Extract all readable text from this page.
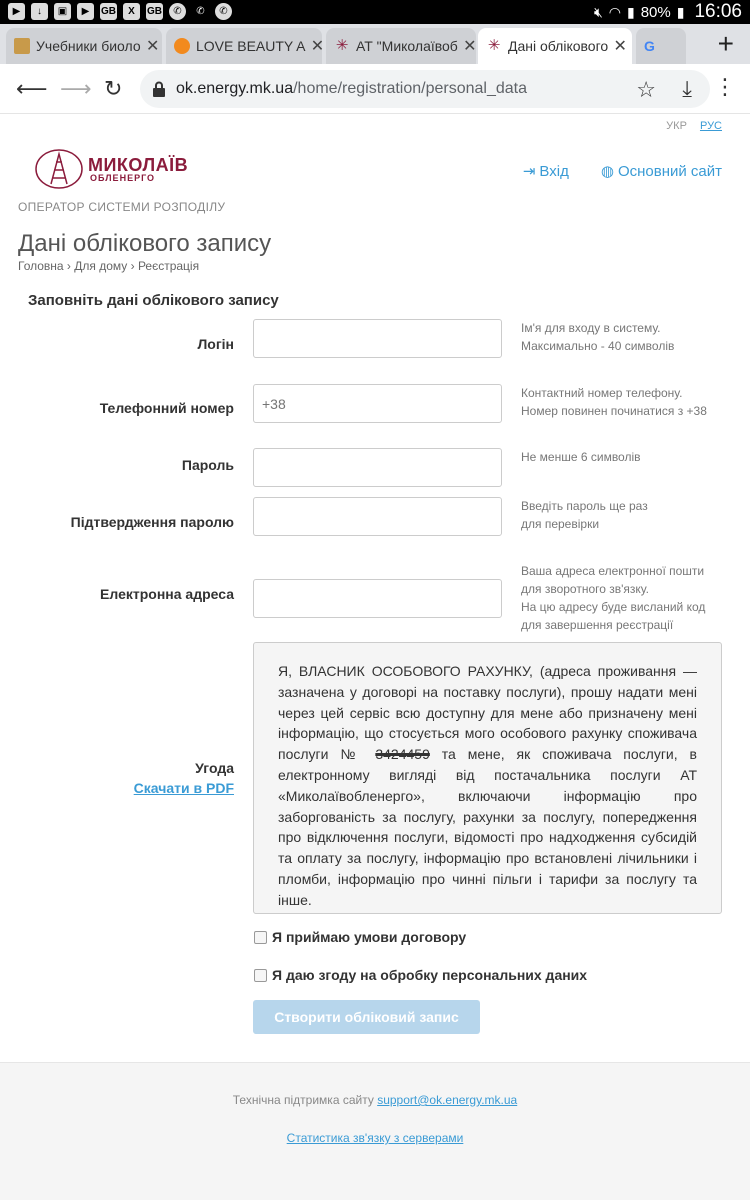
▶	↓	▣	▶	GB	X	GB	✆	✆	✆	🔇︎ ◠ ▮ 80% ▮ 16:06
Учебники биоло ✕	LOVE BEAUTY A ✕ ✳ АТ "Миколаївоб ✕ ✳ Дані облікового ✕ G +
⟵ ⟶ ↻	ok.energy.mk.ua /home/registration/personal_data	☆ ⤓ ⋮
УКР РУС
МИКОЛАЇВ
ОБЛЕНЕРГО
ОПЕРАТОР СИСТЕМИ РОЗПОДІЛУ
⇥ Вхід ◍ Основний сайт
Дані облікового запису
Головна › Для дому › Реєстрація
Заповніть дані облікового запису
Логін
Ім'я для входу в систему.
Максимально - 40 символів
Телефонний номер
+38
Контактний номер телефону.
Номер повинен починатися з +38
Пароль	Не менше 6 символів
Підтвердження паролю
Введіть пароль ще раз
для перевірки
Електронна адреса
Ваша адреса електронної пошти
для зворотного зв'язку.
На цю адресу буде висланий код
для завершення реєстрації
Угода
Скачати в PDF
Я, ВЛАСНИК ОСОБОВОГО РАХУНКУ, (адреса проживання — зазначена у договорі на поставку послуги), прошу надати мені через цей сервіс всю доступну для мене або призначену мені інформацію, що стосується мого особового рахунку споживача послуги № 3424459 та мене, як споживача послуги, в електронному вигляді від постачальника послуги АТ «Миколаївобленерго», включаючи інформацію про заборгованість за послугу, рахунки за послугу, попередження про відключення послуги, відомості про надходження субсидій та оплату за послугу, інформацію про встановлені лічильники і пломби, інформацію про чинні пільги і тарифи за послугу та інше.
Я приймаю умови договору
Я даю згоду на обробку персональних даних
Створити обліковий запис
Технічна підтримка сайту support@ok.energy.mk.ua
Статистика зв'язку з серверами
